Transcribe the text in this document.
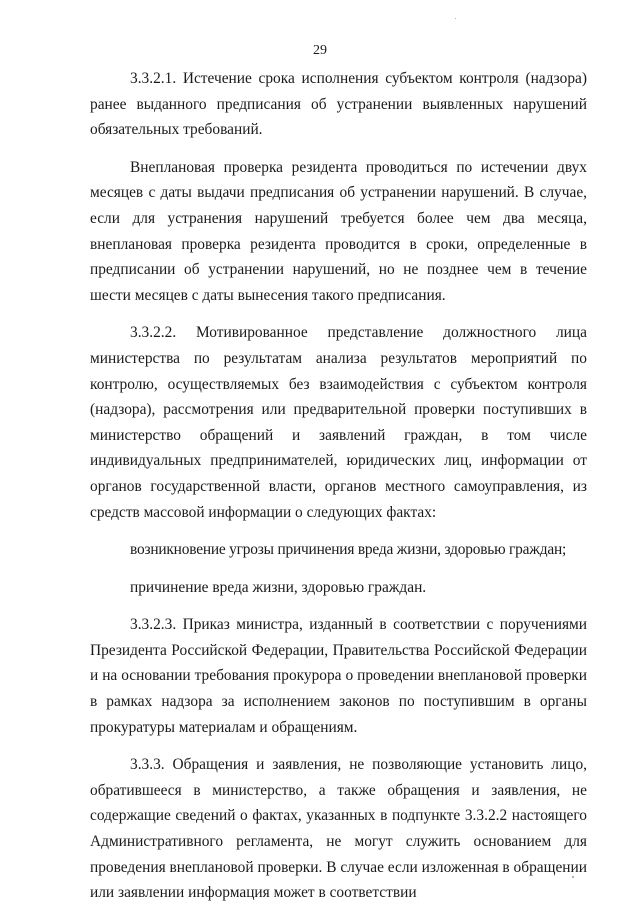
29

3.3.2.1. Истечение срока исполнения субъектом контроля (надзора) ранее выданного предписания об устранении выявленных нарушений обязательных требований.

Внеплановая проверка резидента проводиться по истечении двух месяцев с даты выдачи предписания об устранении нарушений. В случае, если для устранения нарушений требуется более чем два месяца, внеплановая проверка резидента проводится в сроки, определенные в предписании об устранении нарушений, но не позднее чем в течение шести месяцев с даты вынесения такого предписания.

3.3.2.2. Мотивированное представление должностного лица министерства по результатам анализа результатов мероприятий по контролю, осуществляемых без взаимодействия с субъектом контроля (надзора), рассмотрения или предварительной проверки поступивших в министерство обращений и заявлений граждан, в том числе индивидуальных предпринимателей, юридических лиц, информации от органов государственной власти, органов местного самоуправления, из средств массовой информации о следующих фактах:

возникновение угрозы причинения вреда жизни, здоровью граждан;

причинение вреда жизни, здоровью граждан.

3.3.2.3. Приказ министра, изданный в соответствии с поручениями Президента Российской Федерации, Правительства Российской Федерации и на основании требования прокурора о проведении внеплановой проверки в рамках надзора за исполнением законов по поступившим в органы прокуратуры материалам и обращениям.

3.3.3. Обращения и заявления, не позволяющие установить лицо, обратившееся в министерство, а также обращения и заявления, не содержащие сведений о фактах, указанных в подпункте 3.3.2.2 настоящего Административного регламента, не могут служить основанием для проведения внеплановой проверки. В случае если изложенная в обращении или заявлении информация может в соответствии
